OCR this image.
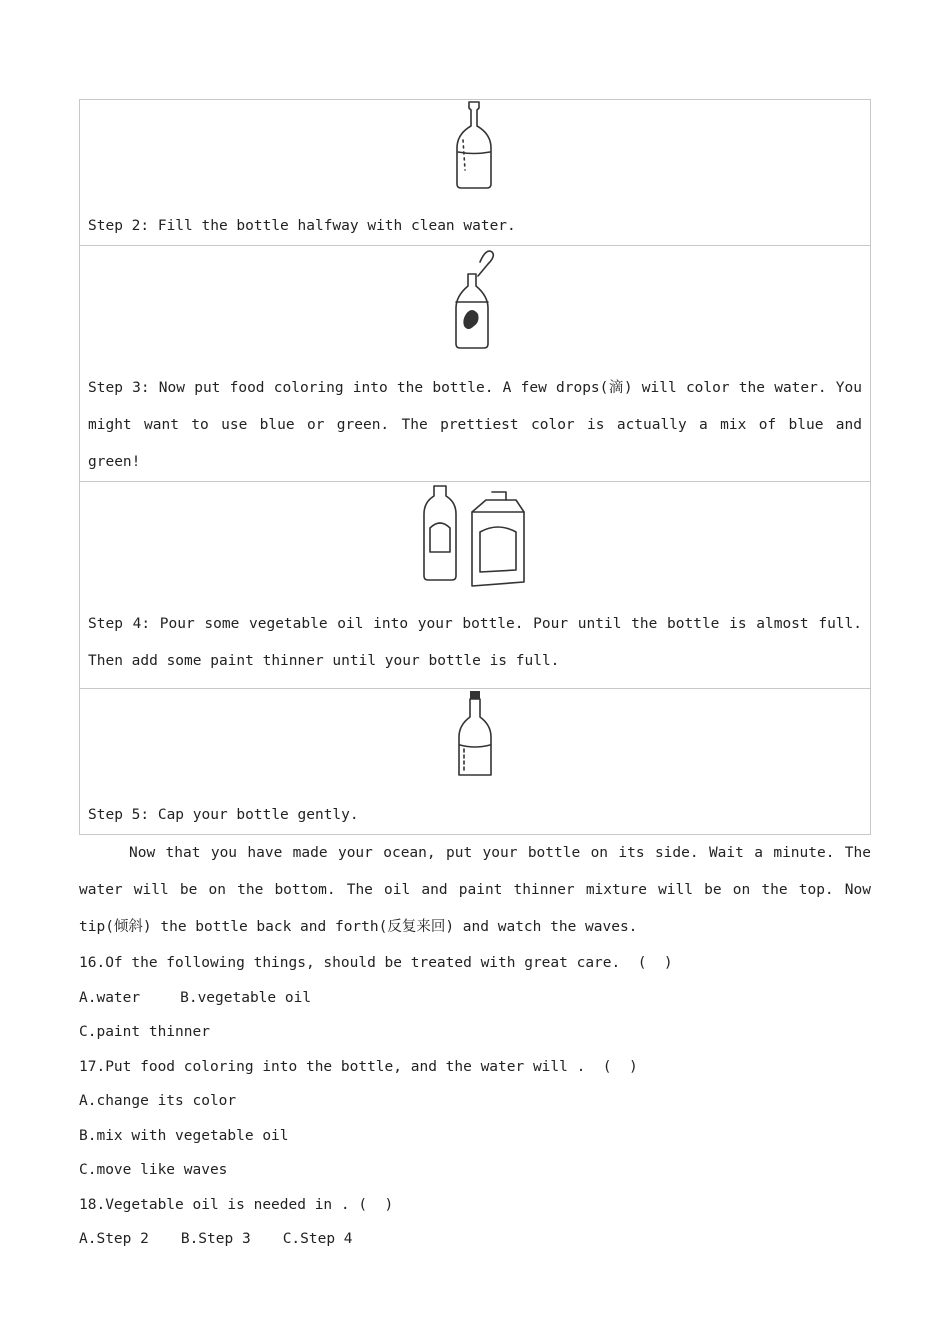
Step 2: Fill the bottle halfway with clean water.

Step 3: Now put food coloring into the bottle. A few drops(滴) will color the water. You might want to use blue or green. The prettiest color is actually a mix of blue and green!

Step 4: Pour some vegetable oil into your bottle. Pour until the bottle is almost full. Then add some paint thinner until your bottle is full.

Step 5: Cap your bottle gently.

Now that you have made your ocean, put your bottle on its side. Wait a minute. The water will be on the bottom. The oil and paint thinner mixture will be on the top. Now tip(倾斜) the bottle back and forth(反复来回) and watch the waves.

16.Of the following things, should be treated with great care.  (  )

A.water	B.vegetable oil

C.paint thinner

17.Put food coloring into the bottle, and the water will .  (  )

A.change its color

B.mix with vegetable oil

C.move like waves

18.Vegetable oil is needed in . (  )

A.Step 2 B.Step 3 C.Step 4
